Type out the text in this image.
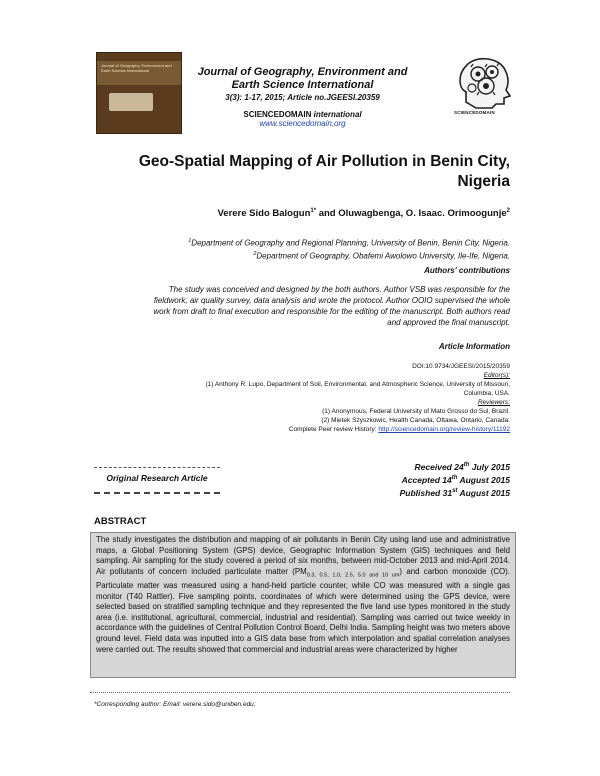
Journal of Geography, Environment and Earth Science International	Journal of Geography, Environment and
Earth Science International
3(3): 1-17, 2015; Article no.JGEESI.20359
SCIENCEDOMAIN international
www.sciencedomain.org
SCIENCEDOMAIN
Geo-Spatial Mapping of Air Pollution in Benin City,
Nigeria
Verere Sido Balogun$^{1*}$ and Oluwagbenga, O. Isaac. Orimoogunje$^2$
$^1$Department of Geography and Regional Planning, University of Benin, Benin City, Nigeria.
$^2$Department of Geography, Obafemi Awolowo University, Ile-Ife, Nigeria.
Authors' contributions
The study was conceived and designed by the both authors. Author VSB was responsible for the
fieldwork, air quality survey, data analysis and wrote the protocol. Author OOIO supervised the whole
work from draft to final execution and responsible for the editing of the manuscript. Both authors read
and approved the final manuscript.
Article Information
DOI:10.9734/JGEESI/2015/20359
Editor(s):
(1) Anthony R. Lupo, Department of Soil, Environmental, and Atmospheric Science, University of Missouri,
Columbia, USA.
Reviewers:
(1) Anonymous, Federal University of Mato Grosso do Sul, Brazil.
(2) Mietek Szyszkowic, Health Canada, Ottawa, Ontario, Canada.
Complete Peer review History: http://sciencedomain.org/review-history/11192
Original Research Article
Received 24th July 2015
Accepted 14th August 2015
Published 31st August 2015
ABSTRACT
The study investigates the distribution and mapping of air pollutants in Benin City using land use and administrative maps, a Global Positioning System (GPS) device, Geographic Information System (GIS) techniques and field sampling. Air sampling for the study covered a period of six months, between mid-October 2013 and mid-April 2014. Air pollutants of concern included particulate matter $(PM_{0.3, 0.5, 1.0, 2.5, 5.0 and 10 um})$ and carbon monoxide (CO). Particulate matter was measured using a hand-held particle counter, while CO was measured with a single gas monitor (T40 Rattler). Five sampling points, coordinates of which were determined using the GPS device, were selected based on stratified sampling technique and they represented the five land use types monitored in the study area (i.e. institutional, agricultural, commercial, industrial and residential). Sampling was carried out twice weekly in accordance with the guidelines of Central Pollution Control Board, Delhi India. Sampling height was two meters above ground level. Field data was inputted into a GIS data base from which interpolation and spatial correlation analyses were carried out. The results showed that commercial and industrial areas were characterized by higher
*Corresponding author: Email: verere.sido@uniben.edu;
